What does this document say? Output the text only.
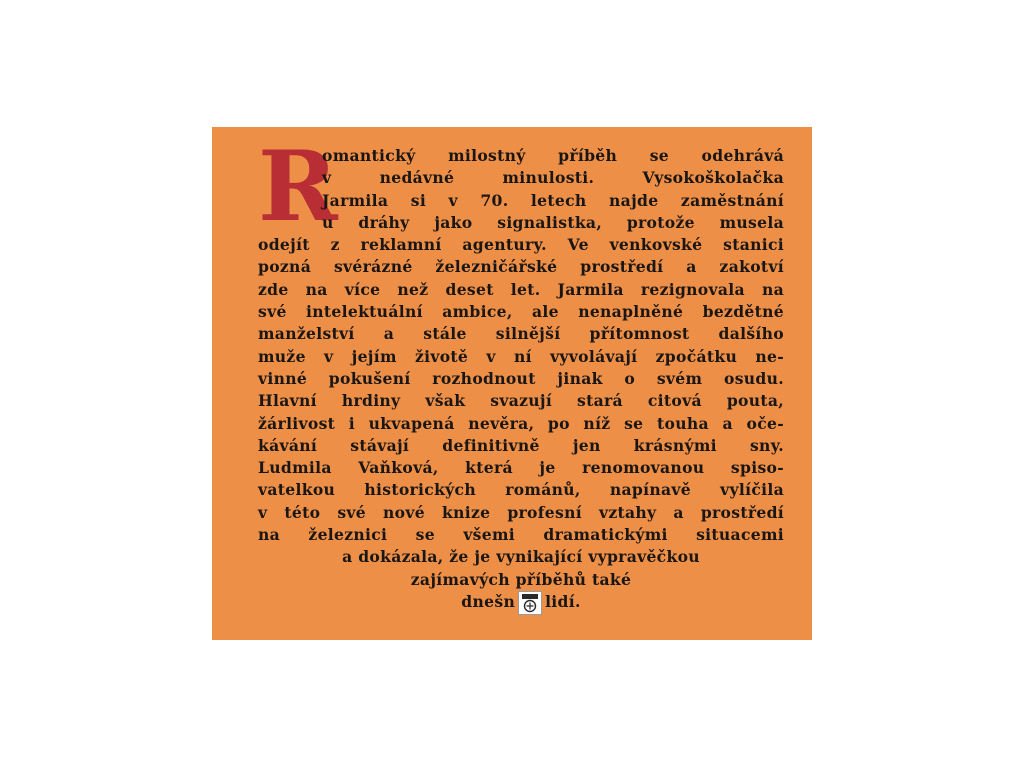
R
omantický milostný příběh se odehrává
v nedávné minulosti. Vysokoškolačka
Jarmila si v 70. letech najde zaměstnání
u dráhy jako signalistka, protože musela
odejít z reklamní agentury. Ve venkovské stanici
pozná svérázné železničářské prostředí a zakotví
zde na více než deset let. Jarmila rezignovala na
své intelektuální ambice, ale nenaplněné bezdětné
manželství a stále silnější přítomnost dalšího
muže v jejím životě v ní vyvolávají zpočátku ne-
vinné pokušení rozhodnout jinak o svém osudu.
Hlavní hrdiny však svazují stará citová pouta,
žárlivost i ukvapená nevěra, po níž se touha a oče-
kávání stávají definitivně jen krásnými sny.
Ludmila Vaňková, která je renomovanou spiso-
vatelkou historických románů, napínavě vylíčila
v této své nové knize profesní vztahy a prostředí
na železnici se všemi dramatickými situacemi
a dokázala, že je vynikající vypravěčkou
zajímavých příběhů také
dnešn lidí.
